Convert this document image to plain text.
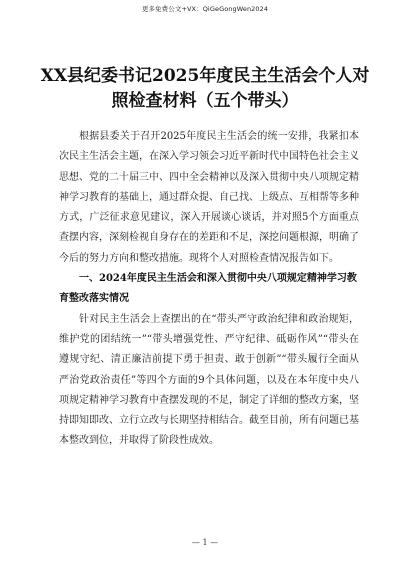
更多免费公文+VX：QiGeGongWen2024
XX县纪委书记2025年度民主生活会个人对照检查材料（五个带头）

根据县委关于召开2025年度民主生活会的统一安排，我紧扣本次民主生活会主题，在深入学习领会习近平新时代中国特色社会主义思想、党的二十届三中、四中全会精神以及深入贯彻中央八项规定精神学习教育的基础上，通过群众提、自己找、上级点、互相帮等多种方式，广泛征求意见建议，深入开展谈心谈话，并对照5个方面重点查摆内容，深刻检视自身存在的差距和不足，深挖问题根源，明确了今后的努力方向和整改措施。现将个人对照检查情况报告如下。

一、2024年度民主生活会和深入贯彻中央八项规定精神学习教育整改落实情况

针对民主生活会上查摆出的在“带头严守政治纪律和政治规矩，维护党的团结统一”“带头增强党性、严守纪律、砥砺作风”“带头在遵规守纪、清正廉洁前提下勇于担责、敢于创新”“带头履行全面从严治党政治责任”等四个方面的9个具体问题，以及在本年度中央八项规定精神学习教育中查摆发现的不足，制定了详细的整改方案，坚持即知即改、立行立改与长期坚持相结合。截至目前，所有问题已基本整改到位，并取得了阶段性成效。

— 1 —
